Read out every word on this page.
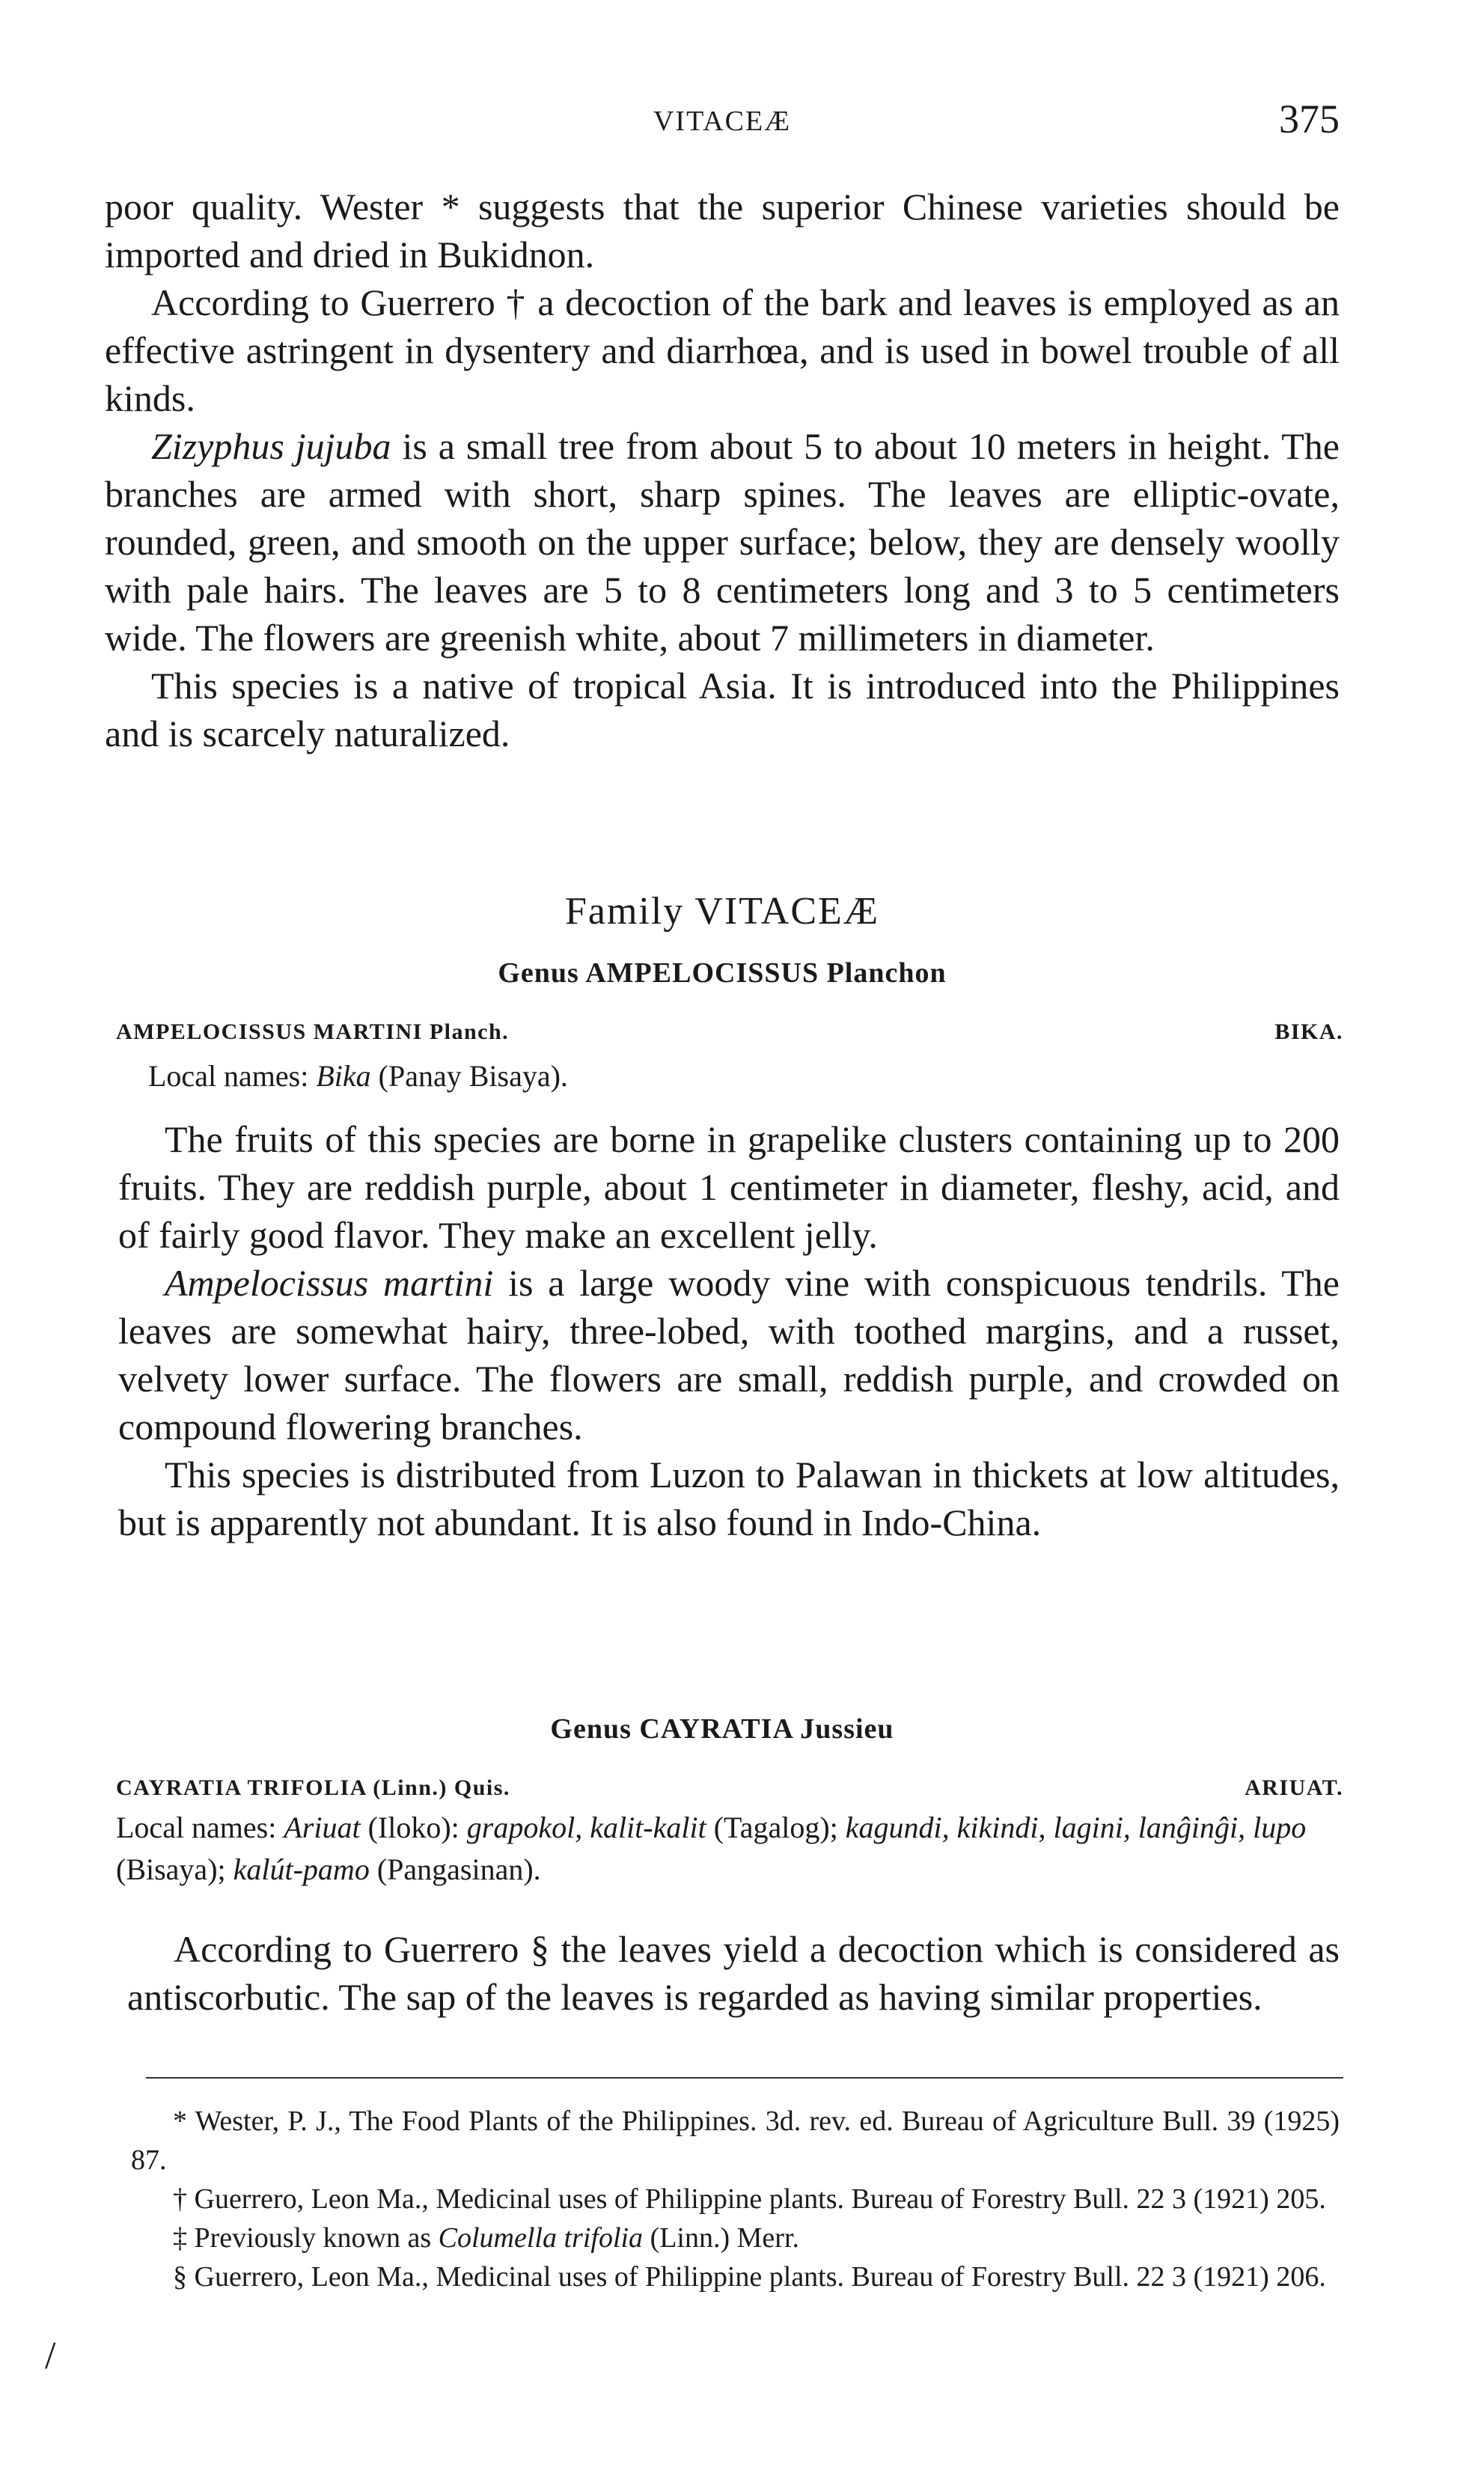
VITACEÆ	375

poor quality. Wester * suggests that the superior Chinese varieties should be imported and dried in Bukidnon.

According to Guerrero † a decoction of the bark and leaves is employed as an effective astringent in dysentery and diarrhœa, and is used in bowel trouble of all kinds.

Zizyphus jujuba is a small tree from about 5 to about 10 meters in height. The branches are armed with short, sharp spines. The leaves are elliptic-ovate, rounded, green, and smooth on the upper surface; below, they are densely woolly with pale hairs. The leaves are 5 to 8 centimeters long and 3 to 5 centimeters wide. The flowers are greenish white, about 7 millimeters in diameter.

This species is a native of tropical Asia. It is introduced into the Philippines and is scarcely naturalized.

Family VITACEÆ
Genus AMPELOCISSUS Planchon
AMPELOCISSUS MARTINI Planch.	BIKA.
Local names: Bika (Panay Bisaya).

The fruits of this species are borne in grapelike clusters containing up to 200 fruits. They are reddish purple, about 1 centimeter in diameter, fleshy, acid, and of fairly good flavor. They make an excellent jelly.

Ampelocissus martini is a large woody vine with conspicuous tendrils. The leaves are somewhat hairy, three-lobed, with toothed margins, and a russet, velvety lower surface. The flowers are small, reddish purple, and crowded on compound flowering branches.

This species is distributed from Luzon to Palawan in thickets at low altitudes, but is apparently not abundant. It is also found in Indo-China.

Genus CAYRATIA Jussieu
CAYRATIA TRIFOLIA (Linn.) Quis.	ARIUAT.
Local names: Ariuat (Iloko): grapokol, kalit-kalit (Tagalog); kagundi, kikindi, lagini, lanĝinĝi, lupo (Bisaya); kalút-pamo (Pangasinan).

According to Guerrero § the leaves yield a decoction which is considered as antiscorbutic. The sap of the leaves is regarded as having similar properties.

* Wester, P. J., The Food Plants of the Philippines. 3d. rev. ed. Bureau of Agriculture Bull. 39 (1925) 87.

† Guerrero, Leon Ma., Medicinal uses of Philippine plants. Bureau of Forestry Bull. 22 3 (1921) 205.

‡ Previously known as Columella trifolia (Linn.) Merr.

§ Guerrero, Leon Ma., Medicinal uses of Philippine plants. Bureau of Forestry Bull. 22 3 (1921) 206.

/
